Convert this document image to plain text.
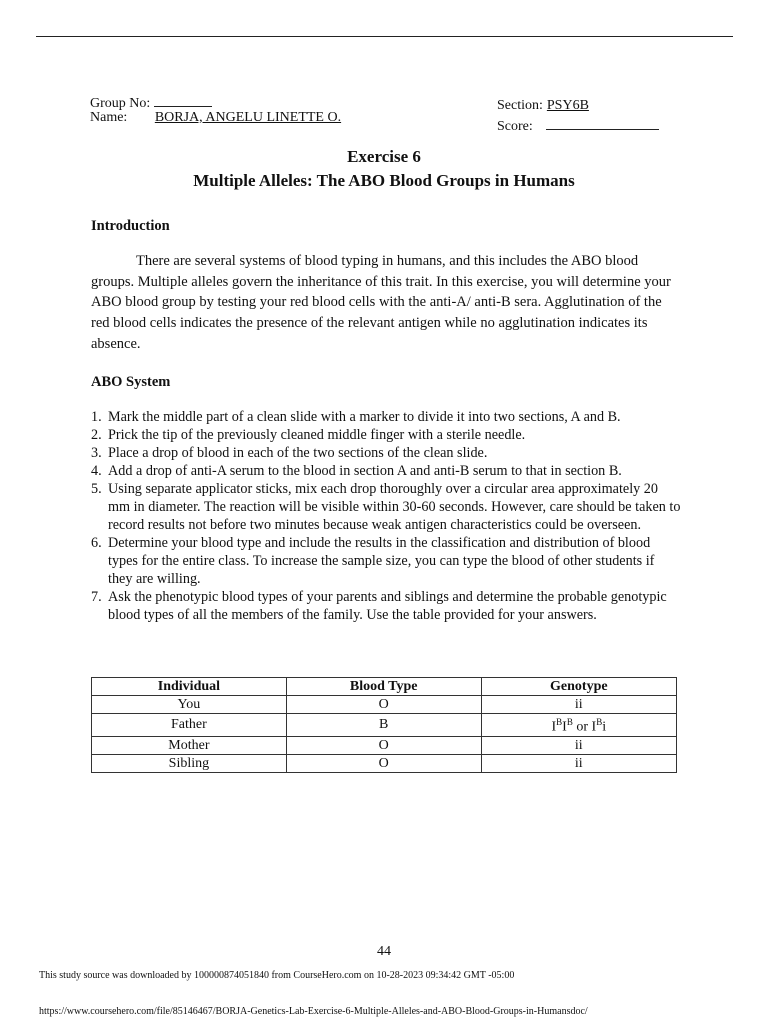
Group No:
Name: BORJA, ANGELU LINETTE O.
Section: PSY6B
Score:
Exercise 6
Multiple Alleles: The ABO Blood Groups in Humans
Introduction

There are several systems of blood typing in humans, and this includes the ABO blood groups. Multiple alleles govern the inheritance of this trait. In this exercise, you will determine your ABO blood group by testing your red blood cells with the anti-A/ anti-B sera. Agglutination of the red blood cells indicates the presence of the relevant antigen while no agglutination indicates its absence.

ABO System
1. Mark the middle part of a clean slide with a marker to divide it into two sections, A and B.
2. Prick the tip of the previously cleaned middle finger with a sterile needle.
3. Place a drop of blood in each of the two sections of the clean slide.
4. Add a drop of anti-A serum to the blood in section A and anti-B serum to that in section B.
5. Using separate applicator sticks, mix each drop thoroughly over a circular area approximately 20 mm in diameter. The reaction will be visible within 30-60 seconds. However, care should be taken to record results not before two minutes because weak antigen characteristics could be overseen.
6. Determine your blood type and include the results in the classification and distribution of blood types for the entire class. To increase the sample size, you can type the blood of other students if they are willing.
7. Ask the phenotypic blood types of your parents and siblings and determine the probable genotypic blood types of all the members of the family. Use the table provided for your answers.
Individual	Blood Type	Genotype
You	O	ii
Father	B	$I^BI^B$ or $I^Bi$
Mother	O	ii
Sibling	O	ii
44
This study source was downloaded by 100000874051840 from CourseHero.com on 10-28-2023 09:34:42 GMT -05:00
https://www.coursehero.com/file/85146467/BORJA-Genetics-Lab-Exercise-6-Multiple-Alleles-and-ABO-Blood-Groups-in-Humansdoc/
